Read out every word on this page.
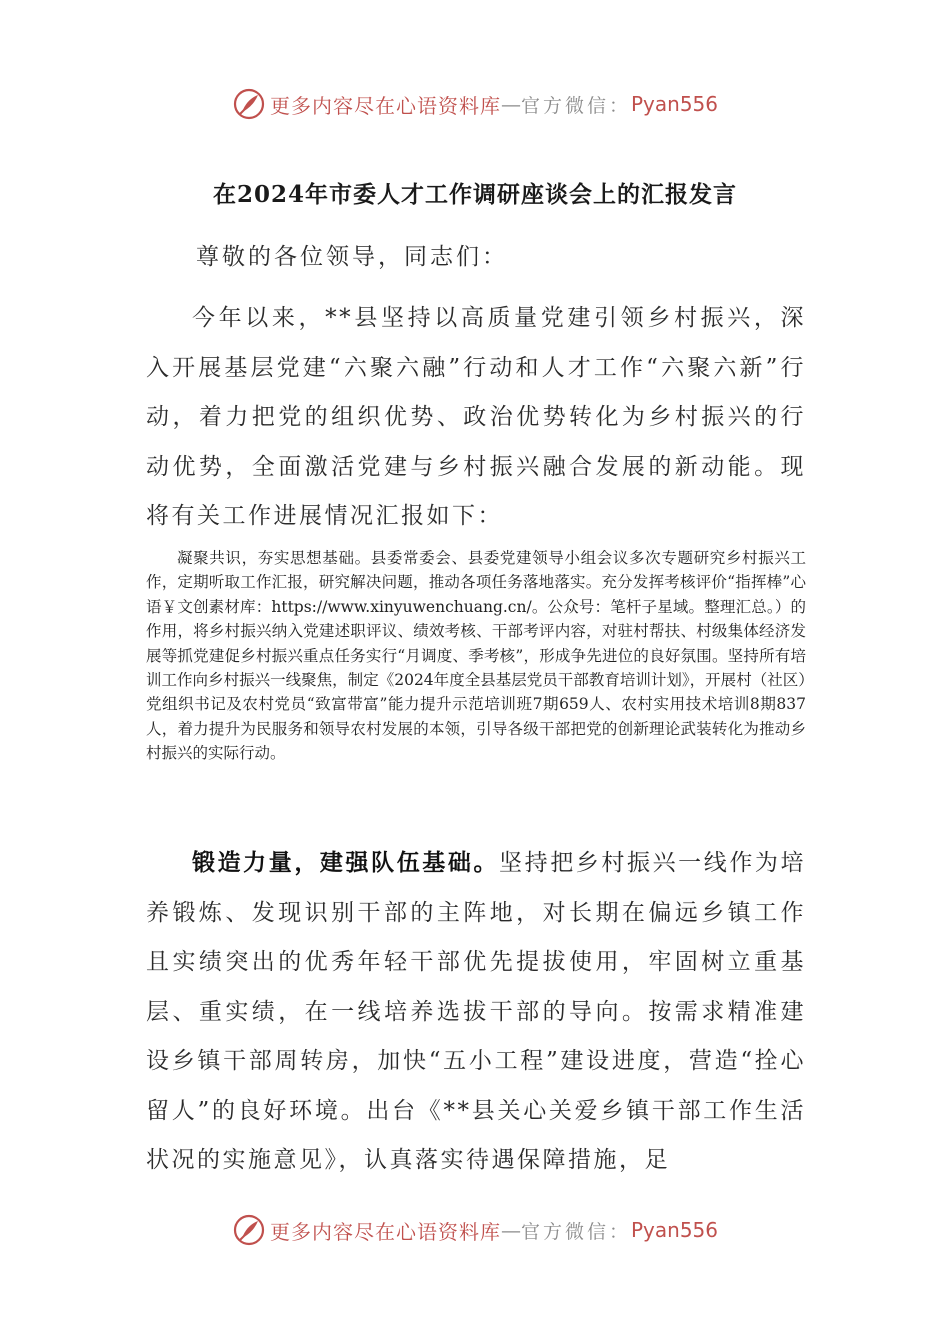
更多内容尽在心语资料库 — 官方微信： Pyan556
在2024年市委人才工作调研座谈会上的汇报发言
尊敬的各位领导，同志们：

今年以来，**县坚持以高质量党建引领乡村振兴，深入开展基层党建“六聚六融”行动和人才工作“六聚六新”行动，着力把党的组织优势、政治优势转化为乡村振兴的行动优势，全面激活党建与乡村振兴融合发展的新动能。现将有关工作进展情况汇报如下：

凝聚共识，夯实思想基础。县委常委会、县委党建领导小组会议多次专题研究乡村振兴工作，定期听取工作汇报，研究解决问题，推动各项任务落地落实。充分发挥考核评价“指挥棒”心语￥文创素材库：https://www.xinyuwenchuang.cn/。公众号：笔杆子星域。整理汇总。）的作用，将乡村振兴纳入党建述职评议、绩效考核、干部考评内容，对驻村帮扶、村级集体经济发展等抓党建促乡村振兴重点任务实行“月调度、季考核”，形成争先进位的良好氛围。坚持所有培训工作向乡村振兴一线聚焦，制定《2024年度全县基层党员干部教育培训计划》，开展村（社区）党组织书记及农村党员“致富带富”能力提升示范培训班7期659人、农村实用技术培训8期837人，着力提升为民服务和领导农村发展的本领，引导各级干部把党的创新理论武装转化为推动乡村振兴的实际行动。

锻造力量，建强队伍基础。坚持把乡村振兴一线作为培养锻炼、发现识别干部的主阵地，对长期在偏远乡镇工作且实绩突出的优秀年轻干部优先提拔使用，牢固树立重基层、重实绩，在一线培养选拔干部的导向。按需求精准建设乡镇干部周转房，加快“五小工程”建设进度，营造“拴心留人”的良好环境。出台《**县关心关爱乡镇干部工作生活状况的实施意见》，认真落实待遇保障措施，足

更多内容尽在心语资料库 — 官方微信： Pyan556
